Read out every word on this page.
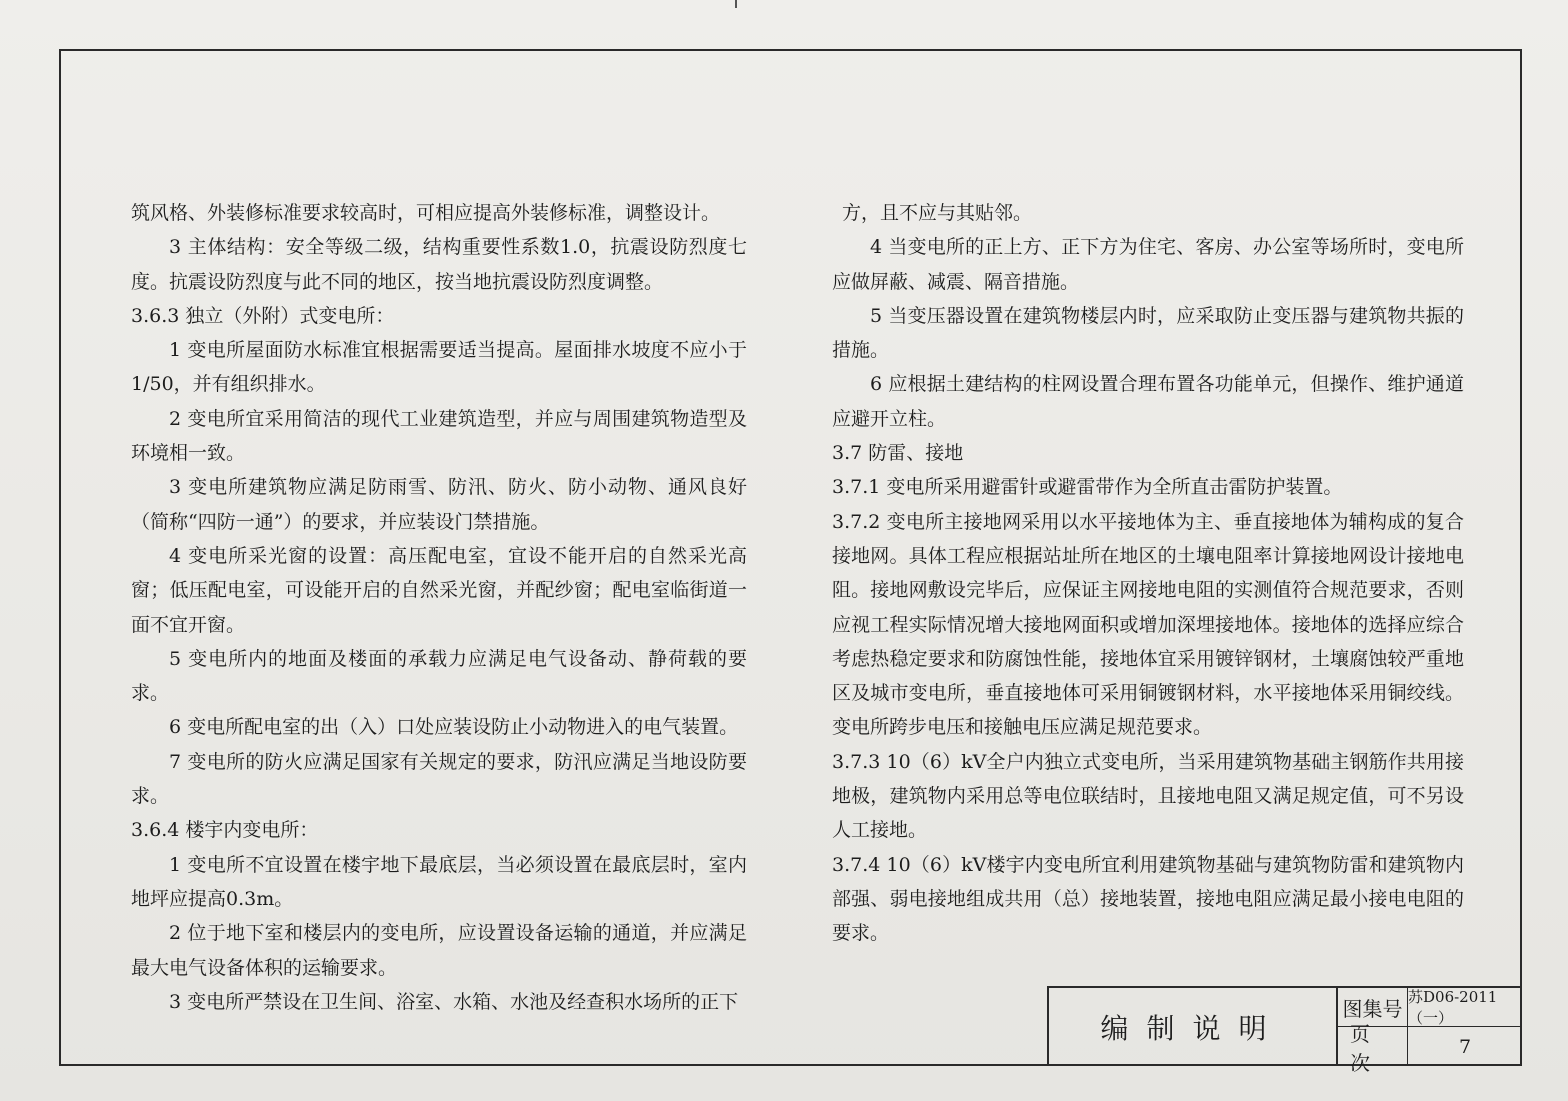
筑风格、外装修标准要求较高时，可相应提高外装修标准，调整设计。

3 主体结构：安全等级二级，结构重要性系数1.0，抗震设防烈度七度。抗震设防烈度与此不同的地区，按当地抗震设防烈度调整。

3.6.3 独立（外附）式变电所：

1 变电所屋面防水标准宜根据需要适当提高。屋面排水坡度不应小于1/50，并有组织排水。

2 变电所宜采用简洁的现代工业建筑造型，并应与周围建筑物造型及环境相一致。

3 变电所建筑物应满足防雨雪、防汛、防火、防小动物、通风良好（简称“四防一通”）的要求，并应装设门禁措施。

4 变电所采光窗的设置：高压配电室，宜设不能开启的自然采光高窗；低压配电室，可设能开启的自然采光窗，并配纱窗；配电室临街道一面不宜开窗。

5 变电所内的地面及楼面的承载力应满足电气设备动、静荷载的要求。

6 变电所配电室的出（入）口处应装设防止小动物进入的电气装置。

7 变电所的防火应满足国家有关规定的要求，防汛应满足当地设防要求。

3.6.4 楼宇内变电所：

1 变电所不宜设置在楼宇地下最底层，当必须设置在最底层时，室内地坪应提高0.3m。

2 位于地下室和楼层内的变电所，应设置设备运输的通道，并应满足最大电气设备体积的运输要求。

3 变电所严禁设在卫生间、浴室、水箱、水池及经查积水场所的正下

方，且不应与其贴邻。

4 当变电所的正上方、正下方为住宅、客房、办公室等场所时，变电所应做屏蔽、减震、隔音措施。

5 当变压器设置在建筑物楼层内时，应采取防止变压器与建筑物共振的措施。

6 应根据土建结构的柱网设置合理布置各功能单元，但操作、维护通道应避开立柱。

3.7 防雷、接地

3.7.1 变电所采用避雷针或避雷带作为全所直击雷防护装置。

3.7.2 变电所主接地网采用以水平接地体为主、垂直接地体为辅构成的复合接地网。具体工程应根据站址所在地区的土壤电阻率计算接地网设计接地电阻。接地网敷设完毕后，应保证主网接地电阻的实测值符合规范要求，否则应视工程实际情况增大接地网面积或增加深埋接地体。接地体的选择应综合考虑热稳定要求和防腐蚀性能，接地体宜采用镀锌钢材，土壤腐蚀较严重地区及城市变电所，垂直接地体可采用铜镀钢材料，水平接地体采用铜绞线。变电所跨步电压和接触电压应满足规范要求。

3.7.3 10（6）kV全户内独立式变电所，当采用建筑物基础主钢筋作共用接地极，建筑物内采用总等电位联结时，且接地电阻又满足规定值，可不另设人工接地。

3.7.4 10（6）kV楼宇内变电所宜利用建筑物基础与建筑物防雷和建筑物内部强、弱电接地组成共用（总）接地装置，接地电阻应满足最小接电电阻的要求。

编制说明
图集号 苏D06-2011（一）
页次
7
